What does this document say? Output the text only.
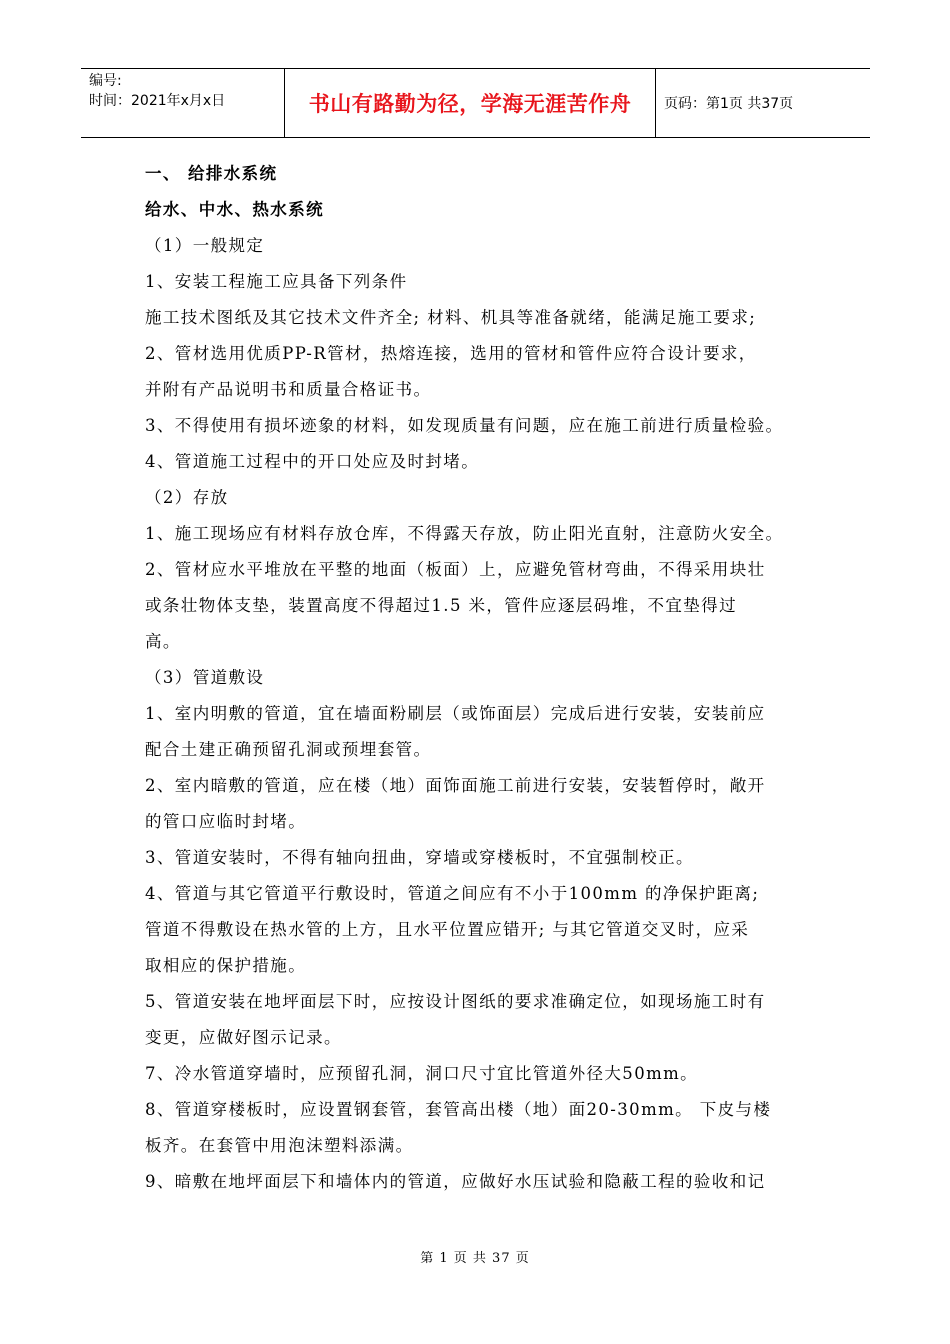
编号:
时间：2021年x月x日	书山有路勤为径，学海无涯苦作舟	页码：第1页 共37页
一、 给排水系统
给水、中水、热水系统
（1）一般规定
1、安装工程施工应具备下列条件
施工技术图纸及其它技术文件齐全; 材料、机具等准备就绪，能满足施工要求;
2、管材选用优质PP-R管材，热熔连接，选用的管材和管件应符合设计要求，
并附有产品说明书和质量合格证书。
3、不得使用有损坏迹象的材料，如发现质量有问题，应在施工前进行质量检验。
4、管道施工过程中的开口处应及时封堵。
（2）存放
1、施工现场应有材料存放仓库，不得露天存放，防止阳光直射，注意防火安全。
2、管材应水平堆放在平整的地面（板面）上，应避免管材弯曲，不得采用块壮
或条壮物体支垫，装置高度不得超过1.5 米，管件应逐层码堆，不宜垫得过
高。
（3）管道敷设
1、室内明敷的管道，宜在墙面粉刷层（或饰面层）完成后进行安装，安装前应
配合土建正确预留孔洞或预埋套管。
2、室内暗敷的管道，应在楼（地）面饰面施工前进行安装，安装暂停时，敞开
的管口应临时封堵。
3、管道安装时，不得有轴向扭曲，穿墙或穿楼板时，不宜强制校正。
4、管道与其它管道平行敷设时，管道之间应有不小于100mm 的净保护距离;
管道不得敷设在热水管的上方，且水平位置应错开; 与其它管道交叉时，应采
取相应的保护措施。
5、管道安装在地坪面层下时，应按设计图纸的要求准确定位，如现场施工时有
变更，应做好图示记录。
7、冷水管道穿墙时，应预留孔洞，洞口尺寸宜比管道外径大50mm。
8、管道穿楼板时，应设置钢套管，套管高出楼（地）面20-30mm。 下皮与楼
板齐。在套管中用泡沫塑料添满。
9、暗敷在地坪面层下和墙体内的管道，应做好水压试验和隐蔽工程的验收和记
第 1 页 共 37 页
